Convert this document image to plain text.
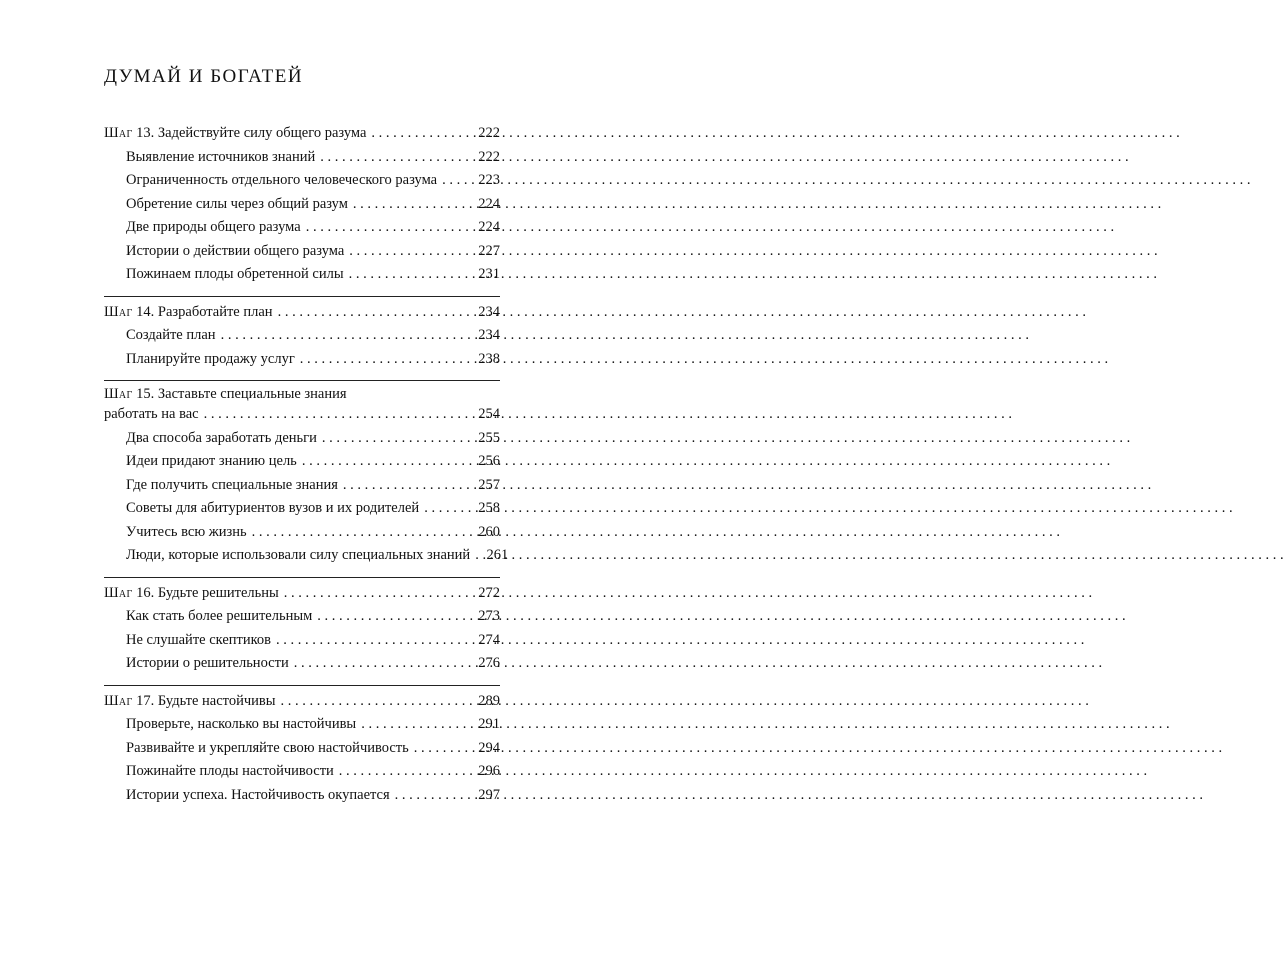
ДУМАЙ И БОГАТЕЙ
Шаг 13. Задействуйте силу общего разума . . .	222
Выявление источников знаний . . .	222
Ограниченность отдельного человеческого разума . . .	223
Обретение силы через общий разум . . .	224
Две природы общего разума . . .	224
Истории о действии общего разума . . .	227
Пожинаем плоды обретенной силы . . .	231
Шаг 14. Разработайте план . . .	234
Создайте план . . .	234
Планируйте продажу услуг . . .	238
Шаг 15. Заставьте специальные знания
работать на вас . . .	254
Два способа заработать деньги . . .	255
Идеи придают знанию цель . . .	256
Где получить специальные знания . . .	257
Советы для абитуриентов вузов и их родителей . . .	258
Учитесь всю жизнь . . .	260
Люди, которые использовали силу специальных знаний . . . 261
Шаг 16. Будьте решительны . . .	272
Как стать более решительным . . .	273
Не слушайте скептиков . . .	274
Истории о решительности . . .	276
Шаг 17. Будьте настойчивы . . .	289
Проверьте, насколько вы настойчивы . . .	291
Развивайте и укрепляйте свою настойчивость . . .	294
Пожинайте плоды настойчивости . . .	296
Истории успеха. Настойчивость окупается . . .	297
